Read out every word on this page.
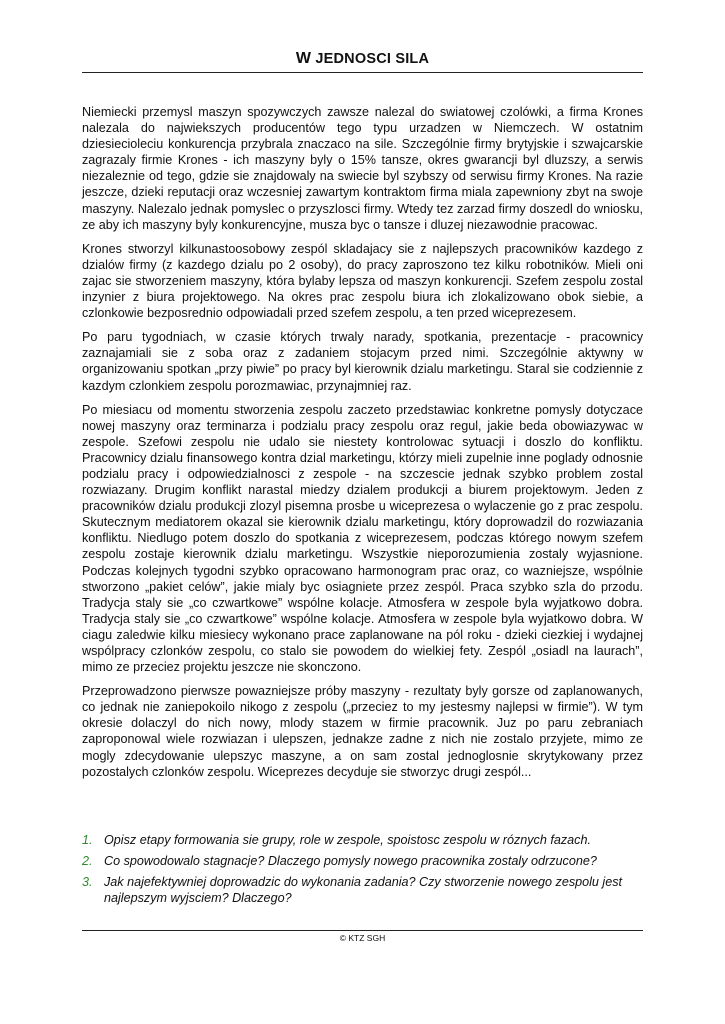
W JEDNOSCI SILA

Niemiecki przemysl maszyn spozywczych zawsze nalezal do swiatowej czolówki, a firma Krones nalezala do najwiekszych producentów tego typu urzadzen w Niemczech. W ostatnim dziesiecioleciu konkurencja przybrala znaczaco na sile. Szczególnie firmy brytyjskie i szwajcarskie zagrazaly firmie Krones - ich maszyny byly o 15% tansze, okres gwarancji byl dluzszy, a serwis niezaleznie od tego, gdzie sie znajdowaly na swiecie byl szybszy od serwisu firmy Krones. Na razie jeszcze, dzieki reputacji oraz wczesniej zawartym kontraktom firma miala zapewniony zbyt na swoje maszyny. Nalezalo jednak pomyslec o przyszlosci firmy. Wtedy tez zarzad firmy doszedl do wniosku, ze aby ich maszyny byly konkurencyjne, musza byc o tansze i dluzej niezawodnie pracowac.

Krones stworzyl kilkunastoosobowy zespól skladajacy sie z najlepszych pracowników kazdego z dzialów firmy (z kazdego dzialu po 2 osoby), do pracy zaproszono tez kilku robotników. Mieli oni zajac sie stworzeniem maszyny, która bylaby lepsza od maszyn konkurencji. Szefem zespolu zostal inzynier z biura projektowego. Na okres prac zespolu biura ich zlokalizowano obok siebie, a czlonkowie bezposrednio odpowiadali przed szefem zespolu, a ten przed wiceprezesem.

Po paru tygodniach, w czasie których trwaly narady, spotkania, prezentacje - pracownicy zaznajamiali sie z soba oraz z zadaniem stojacym przed nimi. Szczególnie aktywny w organizowaniu spotkan „przy piwie” po pracy byl kierownik dzialu marketingu. Staral sie codziennie z kazdym czlonkiem zespolu porozmawiac, przynajmniej raz.

Po miesiacu od momentu stworzenia zespolu zaczeto przedstawiac konkretne pomysly dotyczace nowej maszyny oraz terminarza i podzialu pracy zespolu oraz regul, jakie beda obowiazywac w zespole. Szefowi zespolu nie udalo sie niestety kontrolowac sytuacji i doszlo do konfliktu. Pracownicy dzialu finansowego kontra dzial marketingu, którzy mieli zupelnie inne poglady odnosnie podzialu pracy i odpowiedzialnosci z zespole - na szczescie jednak szybko problem zostal rozwiazany. Drugim konflikt narastal miedzy dzialem produkcji a biurem projektowym. Jeden z pracowników dzialu produkcji zlozyl pisemna prosbe u wiceprezesa o wylaczenie go z prac zespolu. Skutecznym mediatorem okazal sie kierownik dzialu marketingu, który doprowadzil do rozwiazania konfliktu. Niedlugo potem doszlo do spotkania z wiceprezesem, podczas którego nowym szefem zespolu zostaje kierownik dzialu marketingu. Wszystkie nieporozumienia zostaly wyjasnione. Podczas kolejnych tygodni szybko opracowano harmonogram prac oraz, co wazniejsze, wspólnie stworzono „pakiet celów”, jakie mialy byc osiagniete przez zespól. Praca szybko szla do przodu. Tradycja staly sie „co czwartkowe” wspólne kolacje. Atmosfera w zespole byla wyjatkowo dobra. Tradycja staly sie „co czwartkowe” wspólne kolacje. Atmosfera w zespole byla wyjatkowo dobra. W ciagu zaledwie kilku miesiecy wykonano prace zaplanowane na pól roku - dzieki ciezkiej i wydajnej wspólpracy czlonków zespolu, co stalo sie powodem do wielkiej fety. Zespól „osiadl na laurach”, mimo ze przeciez projektu jeszcze nie skonczono.

Przeprowadzono pierwsze powazniejsze próby maszyny - rezultaty byly gorsze od zaplanowanych, co jednak nie zaniepokoilo nikogo z zespolu („przeciez to my jestesmy najlepsi w firmie”). W tym okresie dolaczyl do nich nowy, mlody stazem w firmie pracownik. Juz po paru zebraniach zaproponowal wiele rozwiazan i ulepszen, jednakze zadne z nich nie zostalo przyjete, mimo ze mogly zdecydowanie ulepszyc maszyne, a on sam zostal jednoglosnie skrytykowany przez pozostalych czlonków zespolu. Wiceprezes decyduje sie stworzyc drugi zespól...

1. Opisz etapy formowania sie grupy, role w zespole, spoistosc zespolu w róznych fazach.
2. Co spowodowalo stagnacje? Dlaczego pomysly nowego pracownika zostaly odrzucone?
3. Jak najefektywniej doprowadzic do wykonania zadania? Czy stworzenie nowego zespolu jest najlepszym wyjsciem? Dlaczego?
© KTZ SGH
